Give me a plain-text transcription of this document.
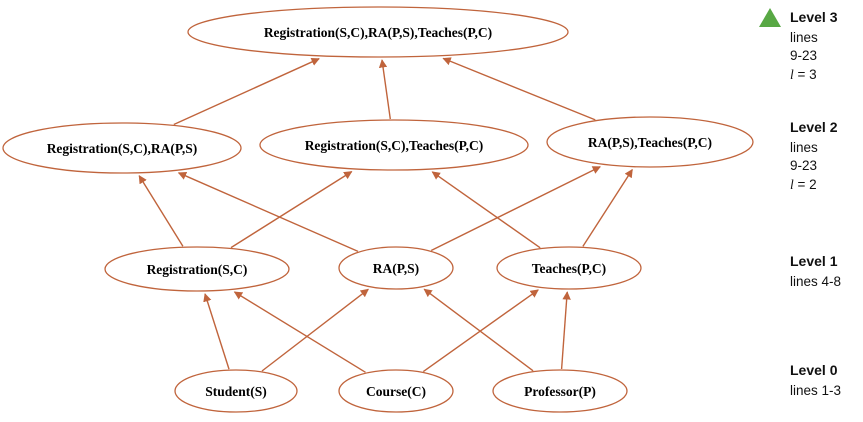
Registration(S,C),RA(P,S),Teaches(P,C)
Registration(S,C),RA(P,S)	Registration(S,C),Teaches(P,C)	RA(P,S),Teaches(P,C)
Registration(S,C)	RA(P,S)	Teaches(P,C)
Student(S)	Course(C)	Professor(P)
Level 3
lines
9-23
l = 3
Level 2
lines
9-23
l = 2
Level 1
lines 4-8
Level 0
lines 1-3
